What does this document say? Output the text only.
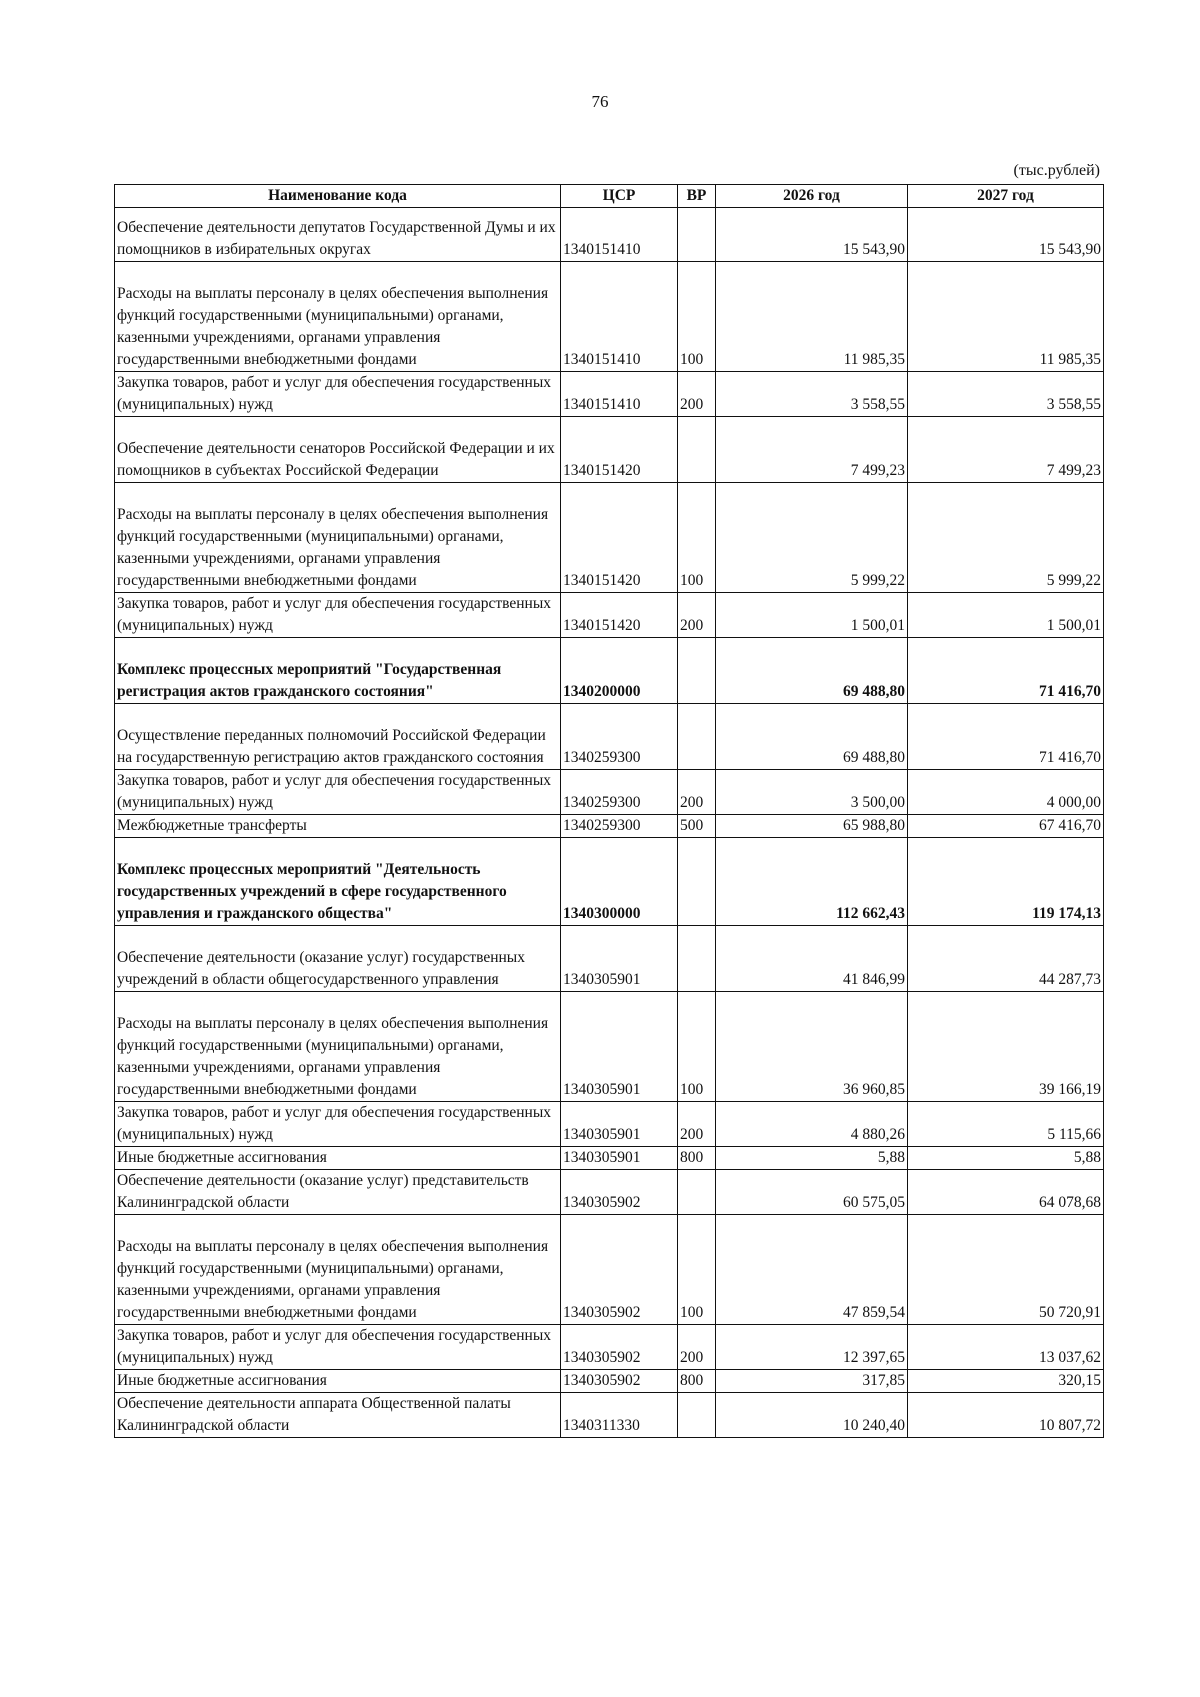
76
(тыс.рублей)
Наименование кода	ЦСР	ВР	2026 год	2027 год
Обеспечение деятельности депутатов Государственной Думы и их помощников в избирательных округах	1340151410		15 543,90	15 543,90
Расходы на выплаты персоналу в целях обеспечения выполнения функций государственными (муниципальными) органами, казенными учреждениями, органами управления государственными внебюджетными фондами	1340151410	100	11 985,35	11 985,35
Закупка товаров, работ и услуг для обеспечения государственных (муниципальных) нужд	1340151410	200	3 558,55	3 558,55
Обеспечение деятельности сенаторов Российской Федерации и их помощников в субъектах Российской Федерации	1340151420		7 499,23	7 499,23
Расходы на выплаты персоналу в целях обеспечения выполнения функций государственными (муниципальными) органами, казенными учреждениями, органами управления государственными внебюджетными фондами	1340151420	100	5 999,22	5 999,22
Закупка товаров, работ и услуг для обеспечения государственных (муниципальных) нужд	1340151420	200	1 500,01	1 500,01
Комплекс процессных мероприятий "Государственная регистрация актов гражданского состояния"	1340200000		69 488,80	71 416,70
Осуществление переданных полномочий Российской Федерации на государственную регистрацию актов гражданского состояния	1340259300		69 488,80	71 416,70
Закупка товаров, работ и услуг для обеспечения государственных (муниципальных) нужд	1340259300	200	3 500,00	4 000,00
Межбюджетные трансферты	1340259300	500	65 988,80	67 416,70
Комплекс процессных мероприятий "Деятельность государственных учреждений в сфере государственного управления и гражданского общества"	1340300000		112 662,43	119 174,13
Обеспечение деятельности (оказание услуг) государственных учреждений в области общегосударственного управления	1340305901		41 846,99	44 287,73
Расходы на выплаты персоналу в целях обеспечения выполнения функций государственными (муниципальными) органами, казенными учреждениями, органами управления государственными внебюджетными фондами	1340305901	100	36 960,85	39 166,19
Закупка товаров, работ и услуг для обеспечения государственных (муниципальных) нужд	1340305901	200	4 880,26	5 115,66
Иные бюджетные ассигнования	1340305901	800	5,88	5,88
Обеспечение деятельности (оказание услуг) представительств Калининградской области	1340305902		60 575,05	64 078,68
Расходы на выплаты персоналу в целях обеспечения выполнения функций государственными (муниципальными) органами, казенными учреждениями, органами управления государственными внебюджетными фондами	1340305902	100	47 859,54	50 720,91
Закупка товаров, работ и услуг для обеспечения государственных (муниципальных) нужд	1340305902	200	12 397,65	13 037,62
Иные бюджетные ассигнования	1340305902	800	317,85	320,15
Обеспечение деятельности аппарата Общественной палаты Калининградской области	1340311330		10 240,40	10 807,72
